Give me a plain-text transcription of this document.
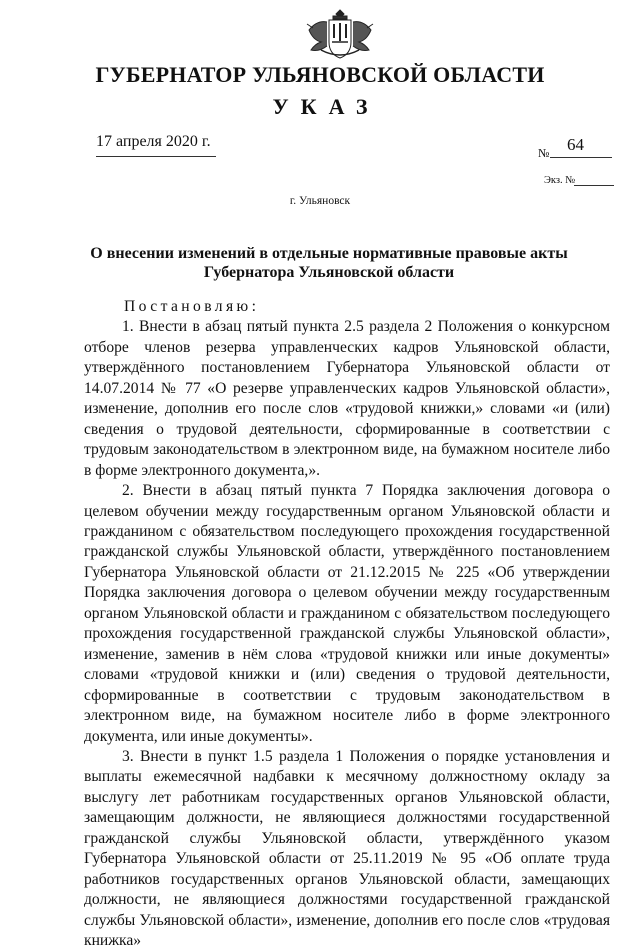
ГУБЕРНАТОР УЛЬЯНОВСКОЙ ОБЛАСТИ
УКАЗ
17 апреля 2020 г.
№ 64
Экз. №
г. Ульяновск
О внесении изменений в отдельные нормативные правовые акты
Губернатора Ульяновской области

Постановляю:

1. Внести в абзац пятый пункта 2.5 раздела 2 Положения о конкурсном отборе членов резерва управленческих кадров Ульяновской области, утверждённого постановлением Губернатора Ульяновской области от 14.07.2014 № 77 «О резерве управленческих кадров Ульяновской области», изменение, дополнив его после слов «трудовой книжки,» словами «и (или) сведения о трудовой деятельности, сформированные в соответствии с трудовым законодательством в электронном виде, на бумажном носителе либо в форме электронного документа,».

2. Внести в абзац пятый пункта 7 Порядка заключения договора о целевом обучении между государственным органом Ульяновской области и гражданином с обязательством последующего прохождения государственной гражданской службы Ульяновской области, утверждённого постановлением Губернатора Ульяновской области от 21.12.2015 № 225 «Об утверждении Порядка заключения договора о целевом обучении между государственным органом Ульяновской области и гражданином с обязательством последующего прохождения государственной гражданской службы Ульяновской области», изменение, заменив в нём слова «трудовой книжки или иные документы» словами «трудовой книжки и (или) сведения о трудовой деятельности, сформированные в соответствии с трудовым законодательством в электронном виде, на бумажном носителе либо в форме электронного документа, или иные документы».

3. Внести в пункт 1.5 раздела 1 Положения о порядке установления и выплаты ежемесячной надбавки к месячному должностному окладу за выслугу лет работникам государственных органов Ульяновской области, замещающим должности, не являющиеся должностями государственной гражданской службы Ульяновской области, утверждённого указом Губернатора Ульяновской области от 25.11.2019 № 95 «Об оплате труда работников государственных органов Ульяновской области, замещающих должности, не являющиеся должностями государственной гражданской службы Ульяновской области», изменение, дополнив его после слов «трудовая книжка»
